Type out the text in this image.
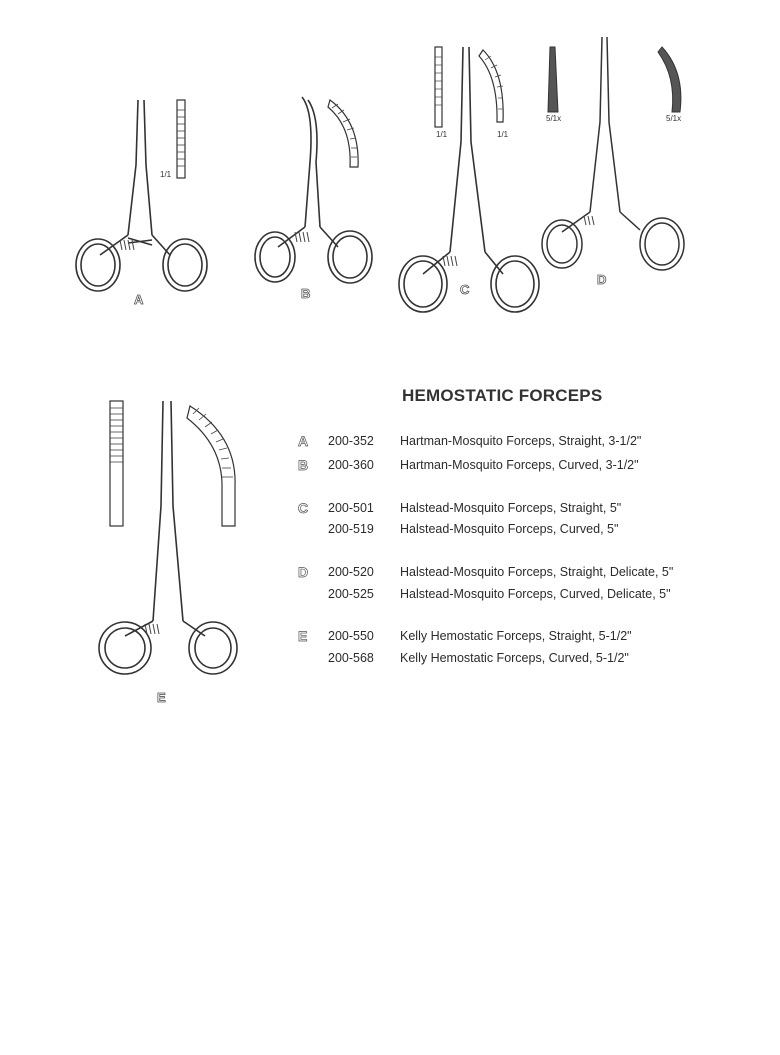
1/1
A	B
1/1	1/1
C
5/1x	5/1x
D
E
HEMOSTATIC FORCEPS
A	200-352	Hartman-Mosquito Forceps, Straight, 3-1/2"
B	200-360	Hartman-Mosquito Forceps, Curved, 3-1/2"
C	200-501	Halstead-Mosquito Forceps, Straight, 5"
200-519	Halstead-Mosquito Forceps, Curved, 5"
D	200-520	Halstead-Mosquito Forceps, Straight, Delicate, 5"
200-525	Halstead-Mosquito Forceps, Curved, Delicate, 5"
E	200-550	Kelly Hemostatic Forceps, Straight, 5-1/2"
200-568	Kelly Hemostatic Forceps, Curved, 5-1/2"
